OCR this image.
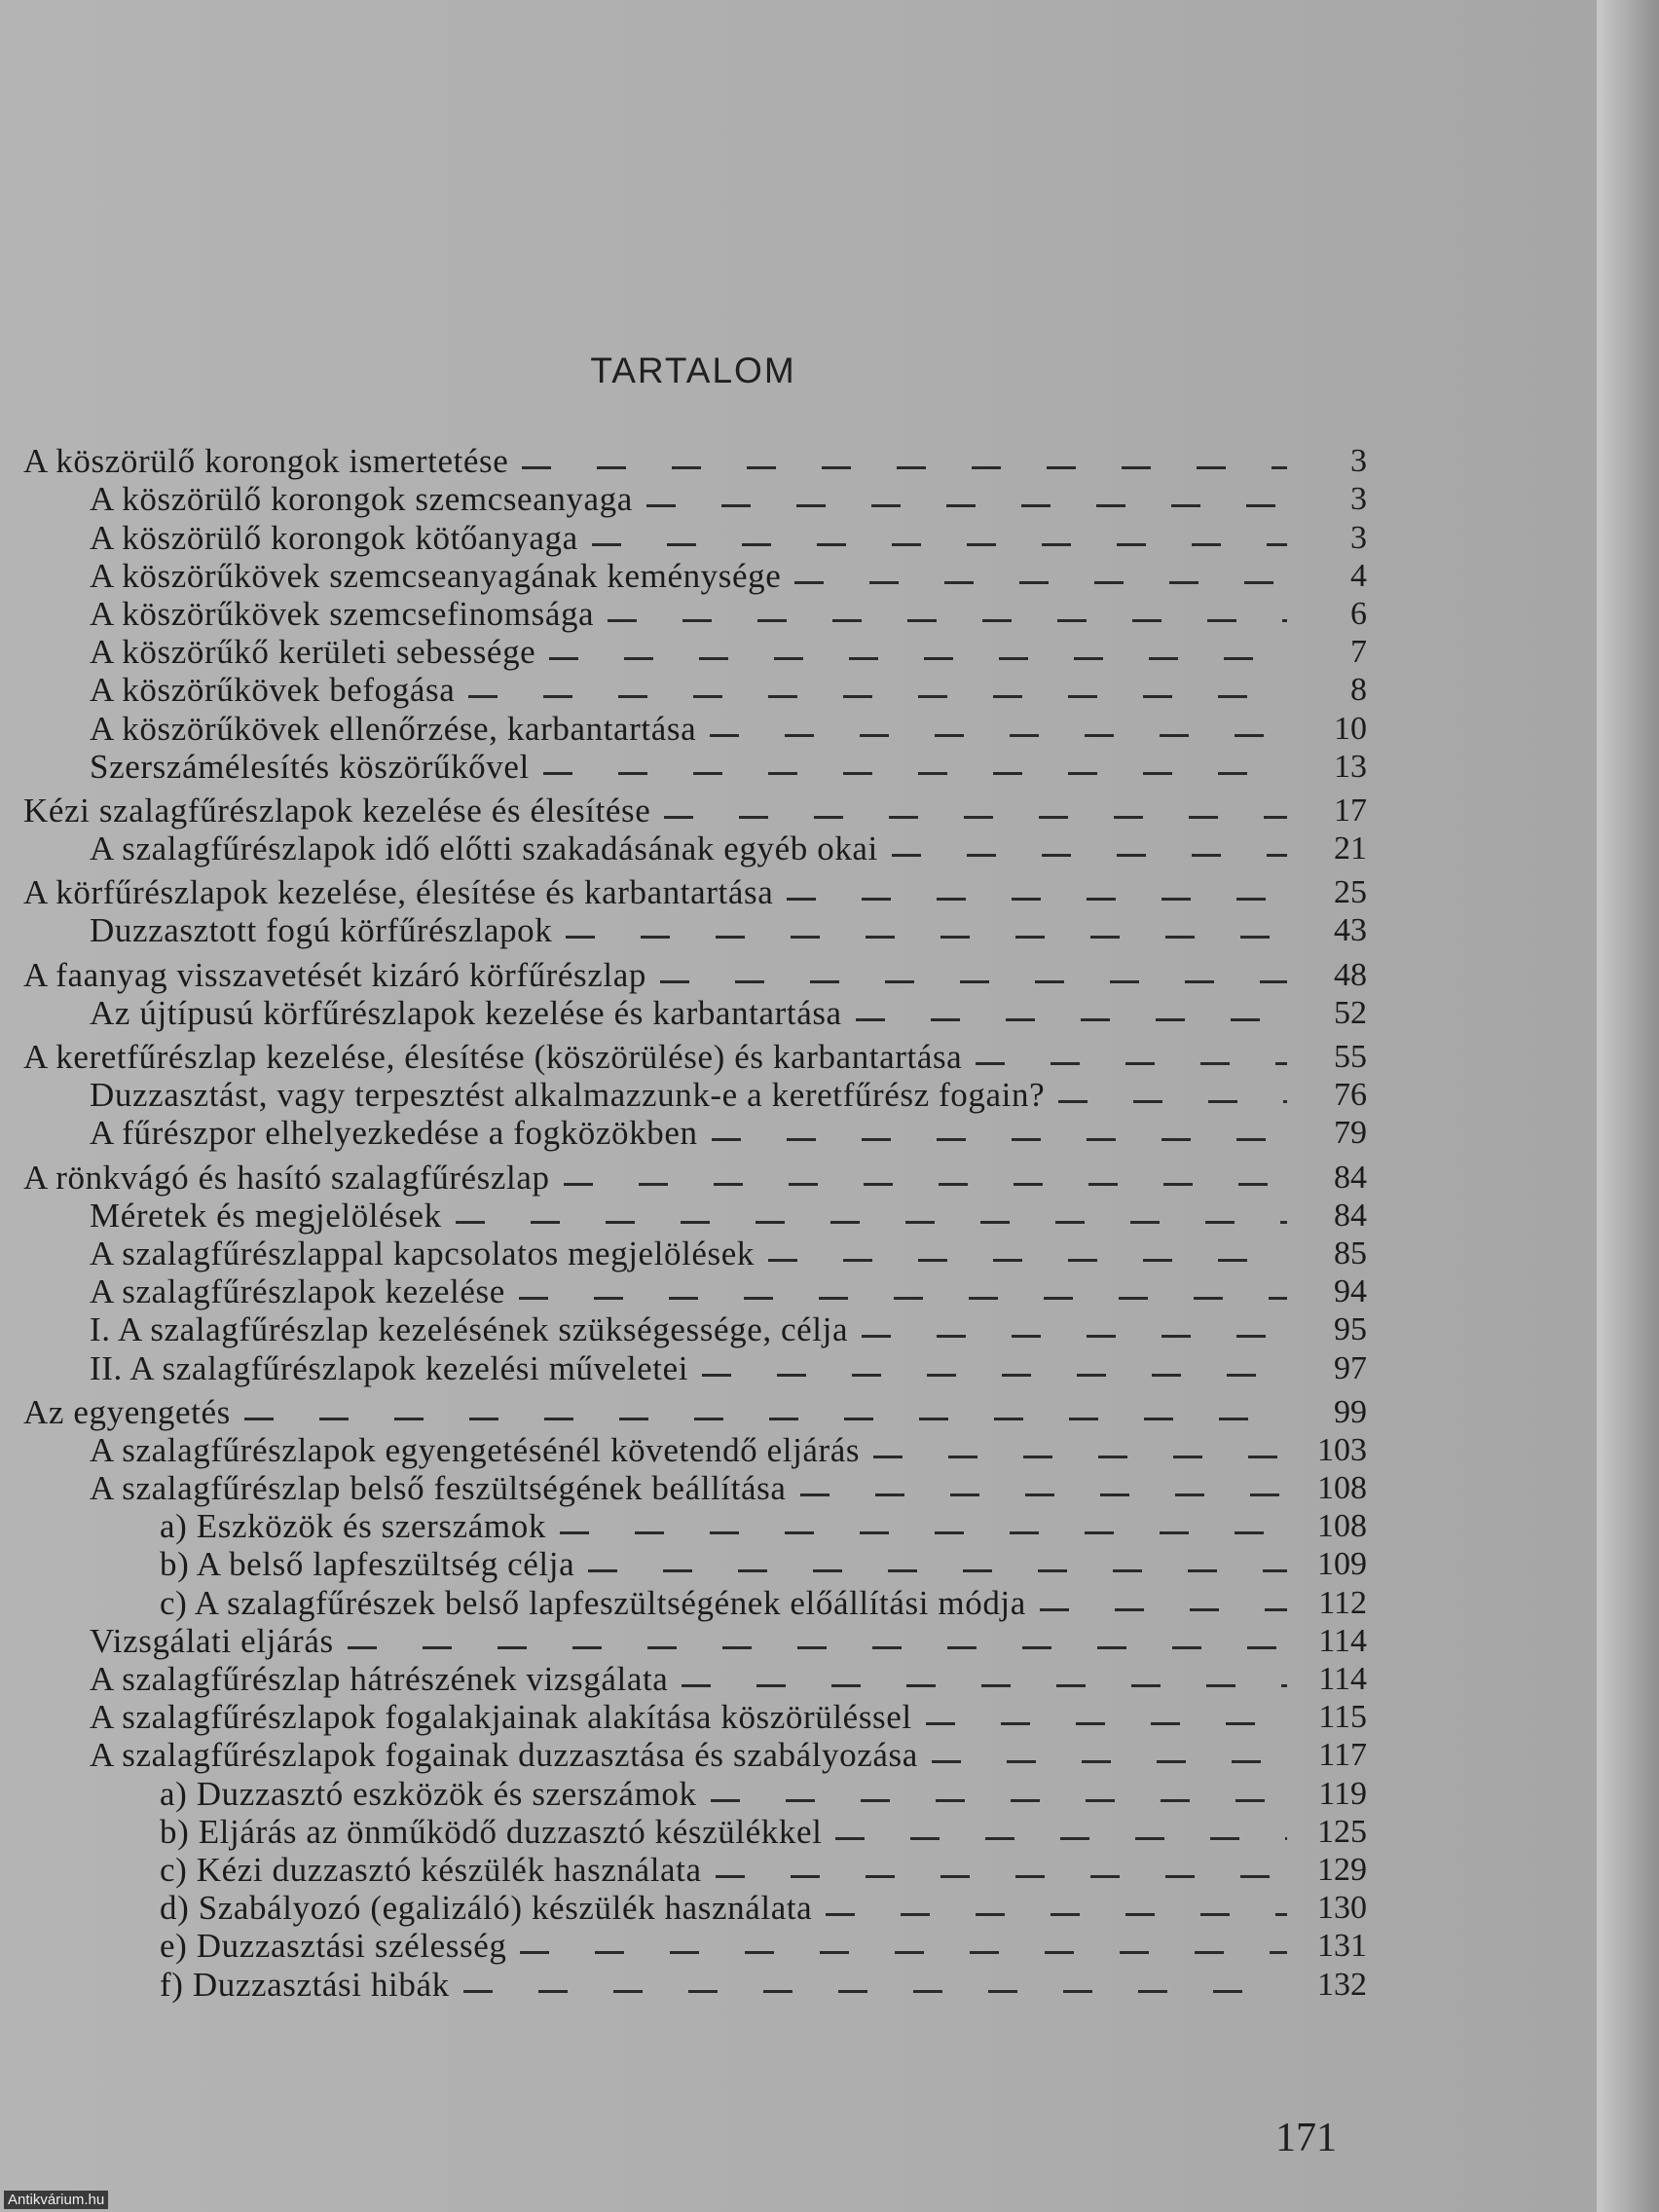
TARTALOM
A köszörülő korongok ismertetése	3
A köszörülő korongok szemcseanyaga	3
A köszörülő korongok kötőanyaga	3
A köszörűkövek szemcseanyagának keménysége	4
A köszörűkövek szemcsefinomsága	6
A köszörűkő kerületi sebessége	7
A köszörűkövek befogása	8
A köszörűkövek ellenőrzése, karbantartása	10
Szerszámélesítés köszörűkővel	13
Kézi szalagfűrészlapok kezelése és élesítése	17
A szalagfűrészlapok idő előtti szakadásának egyéb okai	21
A körfűrészlapok kezelése, élesítése és karbantartása	25
Duzzasztott fogú körfűrészlapok	43
A faanyag visszavetését kizáró körfűrészlap	48
Az újtípusú körfűrészlapok kezelése és karbantartása	52
A keretfűrészlap kezelése, élesítése (köszörülése) és karbantartása	55
Duzzasztást, vagy terpesztést alkalmazzunk-e a keretfűrész fogain?	76
A fűrészpor elhelyezkedése a fogközökben	79
A rönkvágó és hasító szalagfűrészlap	84
Méretek és megjelölések	84
A szalagfűrészlappal kapcsolatos megjelölések	85
A szalagfűrészlapok kezelése	94
I. A szalagfűrészlap kezelésének szükségessége, célja	95
II. A szalagfűrészlapok kezelési műveletei	97
Az egyengetés	99
A szalagfűrészlapok egyengetésénél követendő eljárás	103
A szalagfűrészlap belső feszültségének beállítása	108
a) Eszközök és szerszámok	108
b) A belső lapfeszültség célja	109
c) A szalagfűrészek belső lapfeszültségének előállítási módja	112
Vizsgálati eljárás	114
A szalagfűrészlap hátrészének vizsgálata	114
A szalagfűrészlapok fogalakjainak alakítása köszörüléssel	115
A szalagfűrészlapok fogainak duzzasztása és szabályozása	117
a) Duzzasztó eszközök és szerszámok	119
b) Eljárás az önműködő duzzasztó készülékkel	125
c) Kézi duzzasztó készülék használata	129
d) Szabályozó (egalizáló) készülék használata	130
e) Duzzasztási szélesség	131
f) Duzzasztási hibák	132
171
Antikvárium.hu
